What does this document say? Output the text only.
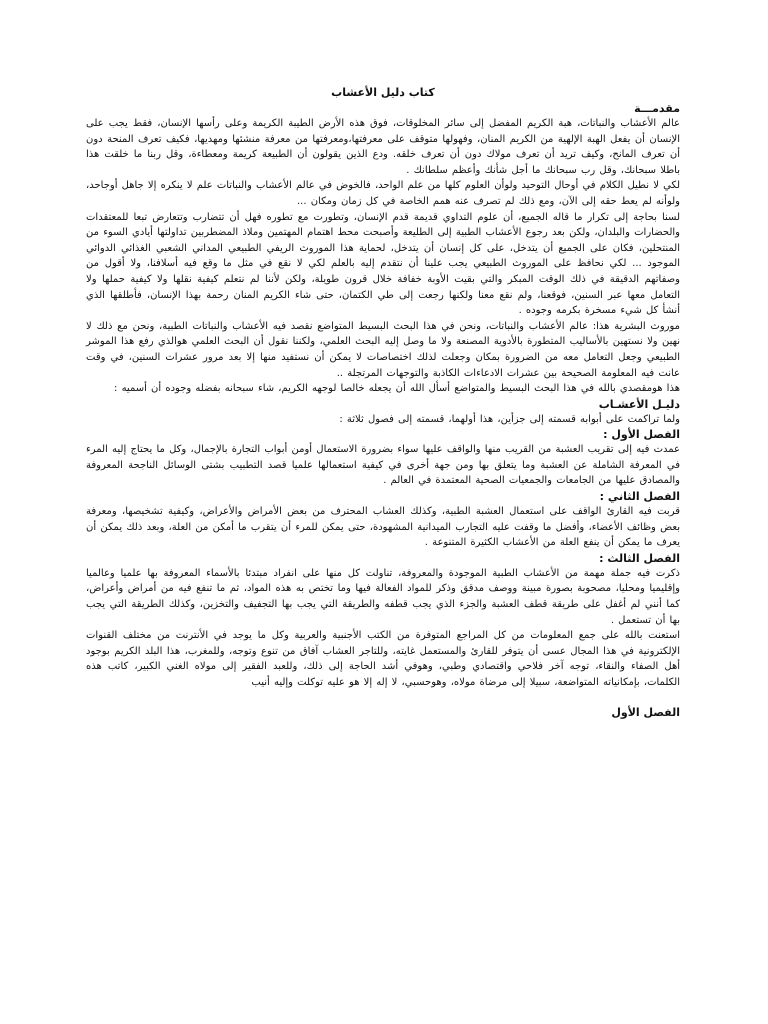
كتاب دليل الأعشاب
مقدمـــة

عالم الأعشاب والنباتات، هبة الكريم المفضل إلى سائر المخلوقات، فوق هذه الأرض الطيبة الكريمة وعلى رأسها الإنسان، فقط يجب على الإنسان أن يفعل الهبة الإلهية من الكريم المنان، وفهولها متوقف على معرفتها،ومعرفتها من معرفة منشئها ومهديها، فكيف تعرف المنحة دون أن تعرف المانح، وكيف تريد أن تعرف مولاك دون أن تعرف خلقه. ودع الذين يقولون أن الطبيعة كريمة ومعطاءة، وقل ربنا ما خلقت هذا باطلا سبحانك، وقل رب سبحانك ما أجل شأنك وأعظم سلطانك .

لكي لا نطيل الكلام في أوحال التوحيد ولوأن العلوم كلها من علم الواحد، فالخوض في عالم الأعشاب والنباتات علم لا ينكره إلا جاهل أوجاحد، ولوأنه لم يعط حقه إلى الآن، ومع ذلك لم تصرف عنه همم الخاصة في كل زمان ومكان ...

لسنا بحاجة إلى تكرار ما قاله الجميع، أن علوم التداوي قديمة قدم الإنسان، وتطورت مع تطوره فهل أن تتضارب وتتعارض تبعا للمعتقدات والحضارات والبلدان، ولكن بعد رجوع الأعشاب الطبية إلى الطليعة وأصبحت محط اهتمام المهتمين وملاذ المضطربين تداولتها أيادي السوء من المنتحلين، فكان على الجميع أن يتدخل، على كل إنسان أن يتدخل، لحماية هذا الموروث الريفي الطبيعي المداني الشعبي الغذائي الدوائي الموجود ... لكي نحافظ على الموروث الطبيعي يجب علينا أن نتقدم إليه بالعلم لكي لا نقع في مثل ما وقع فيه أسلافنا، ولا أقول من وصفاتهم الدقيقة في ذلك الوقت المبكر والتي بقيت الأوبة خفافة خلال قرون طويلة، ولكن لأننا لم نتعلم كيفية نقلها ولا كيفية حملها ولا التعامل معها عبر السنين، فوقعنا، ولم نقع معنا ولكنها رجعت إلى طي الكتمان، حتى شاء الكريم المنان رحمة بهذا الإنسان، فأطلقها الذي أنشأ كل شيء مسخرة بكرمه وجوده .

موروث البشرية هذا: عالم الأعشاب والنباتات، ونحن في هذا البحث البسيط المتواضع نقصد فيه الأعشاب والنباتات الطبية، ونحن مع ذلك لا نهين ولا نستهين بالأساليب المتطورة بالأدوية المصنعة ولا ما وصل إليه البحث العلمي، ولكننا نقول أن البحث العلمي هوالذي رفع هذا الموشر الطبيعي وجعل التعامل معه من الضرورة بمكان وجعلت لذلك اختصاصات لا يمكن أن نستفيد منها إلا بعد مرور عشرات السنين، في وقت عانت فيه المعلومة الصحيحة بين عشرات الادعاءات الكاذبة والتوجهات المرتجلة ..

هذا هومقصدي بالله في هذا البحث البسيط والمتواضع أسأل الله أن يجعله خالصا لوجهه الكريم، شاء سبحانه بفضله وجوده أن أسميه :

دليـل الأعشـاب

ولما تراكمت على أبوابه قسمته إلى جزأين، هذا أولهما، قسمته إلى فصول ثلاثة :

الفصل الأول :

عمدت فيه إلى تقريب العشبة من القريب منها والواقف عليها سواء بضرورة الاستعمال أومن أبواب التجارة بالإجمال، وكل ما يحتاج إليه المرء في المعرفة الشاملة عن العشبة وما يتعلق بها ومن جهة أخرى في كيفية استعمالها علميا قصد التطبيب بشتى الوسائل الناجحة المعروفة والمصادق عليها من الجامعات والجمعيات الصحية المعتمدة في العالم .

الفصل الثاني :

قربت فيه القارئ الواقف على استعمال العشبة الطبية، وكذلك العشاب المحترف من بعض الأمراض والأعراض، وكيفية تشخيصها، ومعرفة بعض وظائف الأعضاء، وأفضل ما وقفت عليه التجارب الميدانية المشهودة، حتى يمكن للمرء أن يتقرب ما أمكن من العلة، وبعد ذلك يمكن أن يعرف ما يمكن أن ينفع العلة من الأعشاب الكثيرة المتنوعة .

الفصل الثالث :

ذكرت فيه جملة مهمة من الأعشاب الطبية الموجودة والمعروفة، تناولت كل منها على انفراد مبتدئا بالأسماء المعروفة بها علميا وعالميا وإقليميا ومحليا، مصحوبة بصورة مبينة ووصف مدقق وذكر للمواد الفعالة فيها وما تختص به هذه المواد، ثم ما تنفع فيه من أمراض وأعراض، كما أنني لم أغفل على طريقة قطف العشبة والجزء الذي يجب قطفه والطريقة التي يجب بها التجفيف والتخزين، وكذلك الطريقة التي يجب بها أن تستعمل .

استعنت بالله على جمع المعلومات من كل المراجع المتوفرة من الكتب الأجنبية والعربية وكل ما يوجد في الأنترنت من مختلف القنوات الإلكترونية في هذا المجال عسى أن يتوفر للقارئ والمستعمل غايته، وللتاجر العشاب آفاق من تنوع وتوجه، وللمغرب، هذا البلد الكريم بوجود أهل الصفاء والنقاء، توجه آخر فلاحي واقتصادي وطبي، وهوفي أشد الحاجة إلى ذلك، وللعبد الفقير إلى مولاه الغني الكبير، كاتب هذه الكلمات، بإمكانياته المتواضعة، سبيلا إلى مرضاة مولاه، وهوحسبي، لا إله إلا هو عليه توكلت وإليه أنيب

الفصل الأول
